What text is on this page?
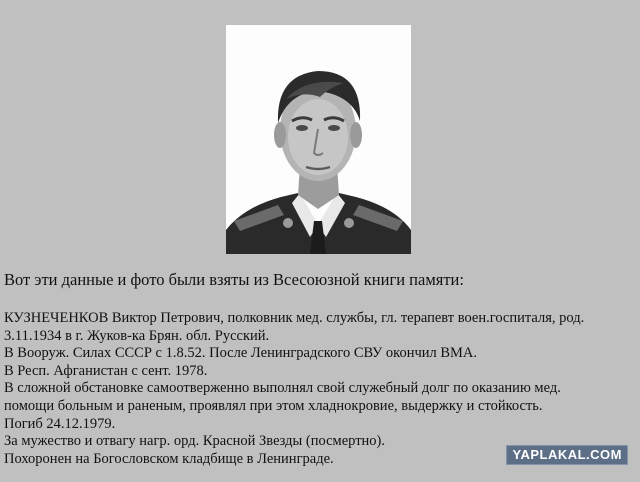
Вот эти данные и фото были взяты из Всесоюзной книги памяти:
КУЗНЕЧЕНКОВ Виктор Петрович, полковник мед. службы, гл. терапевт воен.госпиталя, род.
3.11.1934 в г. Жуков-ка Брян. обл. Русский.
В Вооруж. Силах СССР с 1.8.52. После Ленинградского СВУ окончил ВМА.
В Респ. Афганистан с сент. 1978.
В сложной обстановке самоотверженно выполнял свой служебный долг по оказанию мед.
помощи больным и раненым, проявлял при этом хладнокровие, выдержку и стойкость.
Погиб 24.12.1979.
За мужество и отвагу нагр. орд. Красной Звезды (посмертно).
Похоронен на Богословском кладбище в Ленинграде.	YAPLAKAL.COM
